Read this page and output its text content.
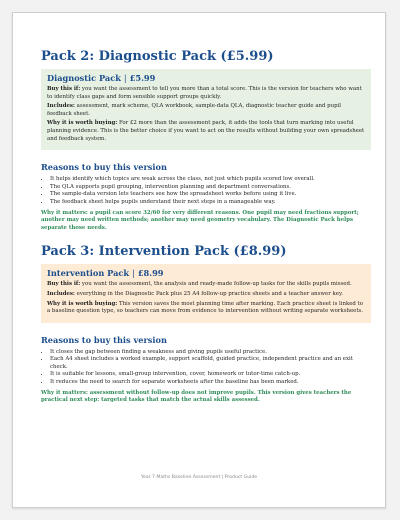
Pack 2: Diagnostic Pack (£5.99)
Diagnostic Pack | £5.99

Buy this if: you want the assessment to tell you more than a total score. This is the version for teachers who want to identify class gaps and form sensible support groups quickly.

Includes: assessment, mark scheme, QLA workbook, sample-data QLA, diagnostic teacher guide and pupil feedback sheet.

Why it is worth buying: For £2 more than the assessment pack, it adds the tools that turn marking into useful planning evidence. This is the better choice if you want to act on the results without building your own spreadsheet and feedback system.

Reasons to buy this version
• It helps identify which topics are weak across the class, not just which pupils scored low overall.
• The QLA supports pupil grouping, intervention planning and department conversations.
• The sample-data version lets teachers see how the spreadsheet works before using it live.
• The feedback sheet helps pupils understand their next steps in a manageable way.
Why it matters: a pupil can score 32/60 for very different reasons. One pupil may need fractions support; another may need written methods; another may need geometry vocabulary. The Diagnostic Pack helps separate those needs.
Pack 3: Intervention Pack (£8.99)
Intervention Pack | £8.99

Buy this if: you want the assessment, the analysis and ready-made follow-up tasks for the skills pupils missed.

Includes: everything in the Diagnostic Pack plus 25 A4 follow-up practice sheets and a teacher answer key.

Why it is worth buying: This version saves the most planning time after marking. Each practice sheet is linked to a baseline question type, so teachers can move from evidence to intervention without writing separate worksheets.

Reasons to buy this version
• It closes the gap between finding a weakness and giving pupils useful practice.
• Each A4 sheet includes a worked example, support scaffold, guided practice, independent practice and an exit check.
• It is suitable for lessons, small-group intervention, cover, homework or tutor-time catch-up.
• It reduces the need to search for separate worksheets after the baseline has been marked.
Why it matters: assessment without follow-up does not improve pupils. This version gives teachers the practical next step: targeted tasks that match the actual skills assessed.
Year 7 Maths Baseline Assessment | Product Guide
